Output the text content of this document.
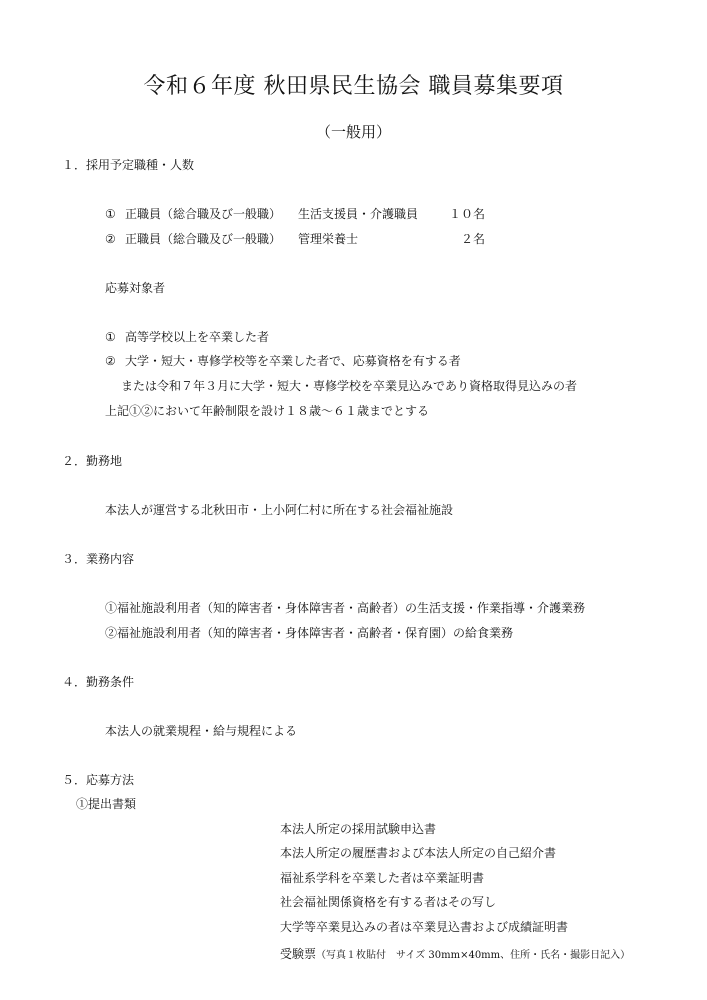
令和６年度 秋田県民生協会 職員募集要項
（一般用）
１．採用予定職種・人数
① 正職員（総合職及び一般職） 生活支援員・介護職員	１０名
② 正職員（総合職及び一般職） 管理栄養士	２名
応募対象者
① 高等学校以上を卒業した者
② 大学・短大・専修学校等を卒業した者で、応募資格を有する者
または令和７年３月に大学・短大・専修学校を卒業見込みであり資格取得見込みの者
上記①②において年齢制限を設け１８歳～６１歳までとする
２．勤務地
本法人が運営する北秋田市・上小阿仁村に所在する社会福祉施設
３．業務内容
①福祉施設利用者（知的障害者・身体障害者・高齢者）の生活支援・作業指導・介護業務
②福祉施設利用者（知的障害者・身体障害者・高齢者・保育園）の給食業務
４．勤務条件
本法人の就業規程・給与規程による
５．応募方法
①提出書類
本法人所定の採用試験申込書
本法人所定の履歴書および本法人所定の自己紹介書
福祉系学科を卒業した者は卒業証明書
社会福祉関係資格を有する者はその写し
大学等卒業見込みの者は卒業見込書および成績証明書
受験票（写真１枚貼付　サイズ 30mm×40mm、住所・氏名・撮影日記入）
